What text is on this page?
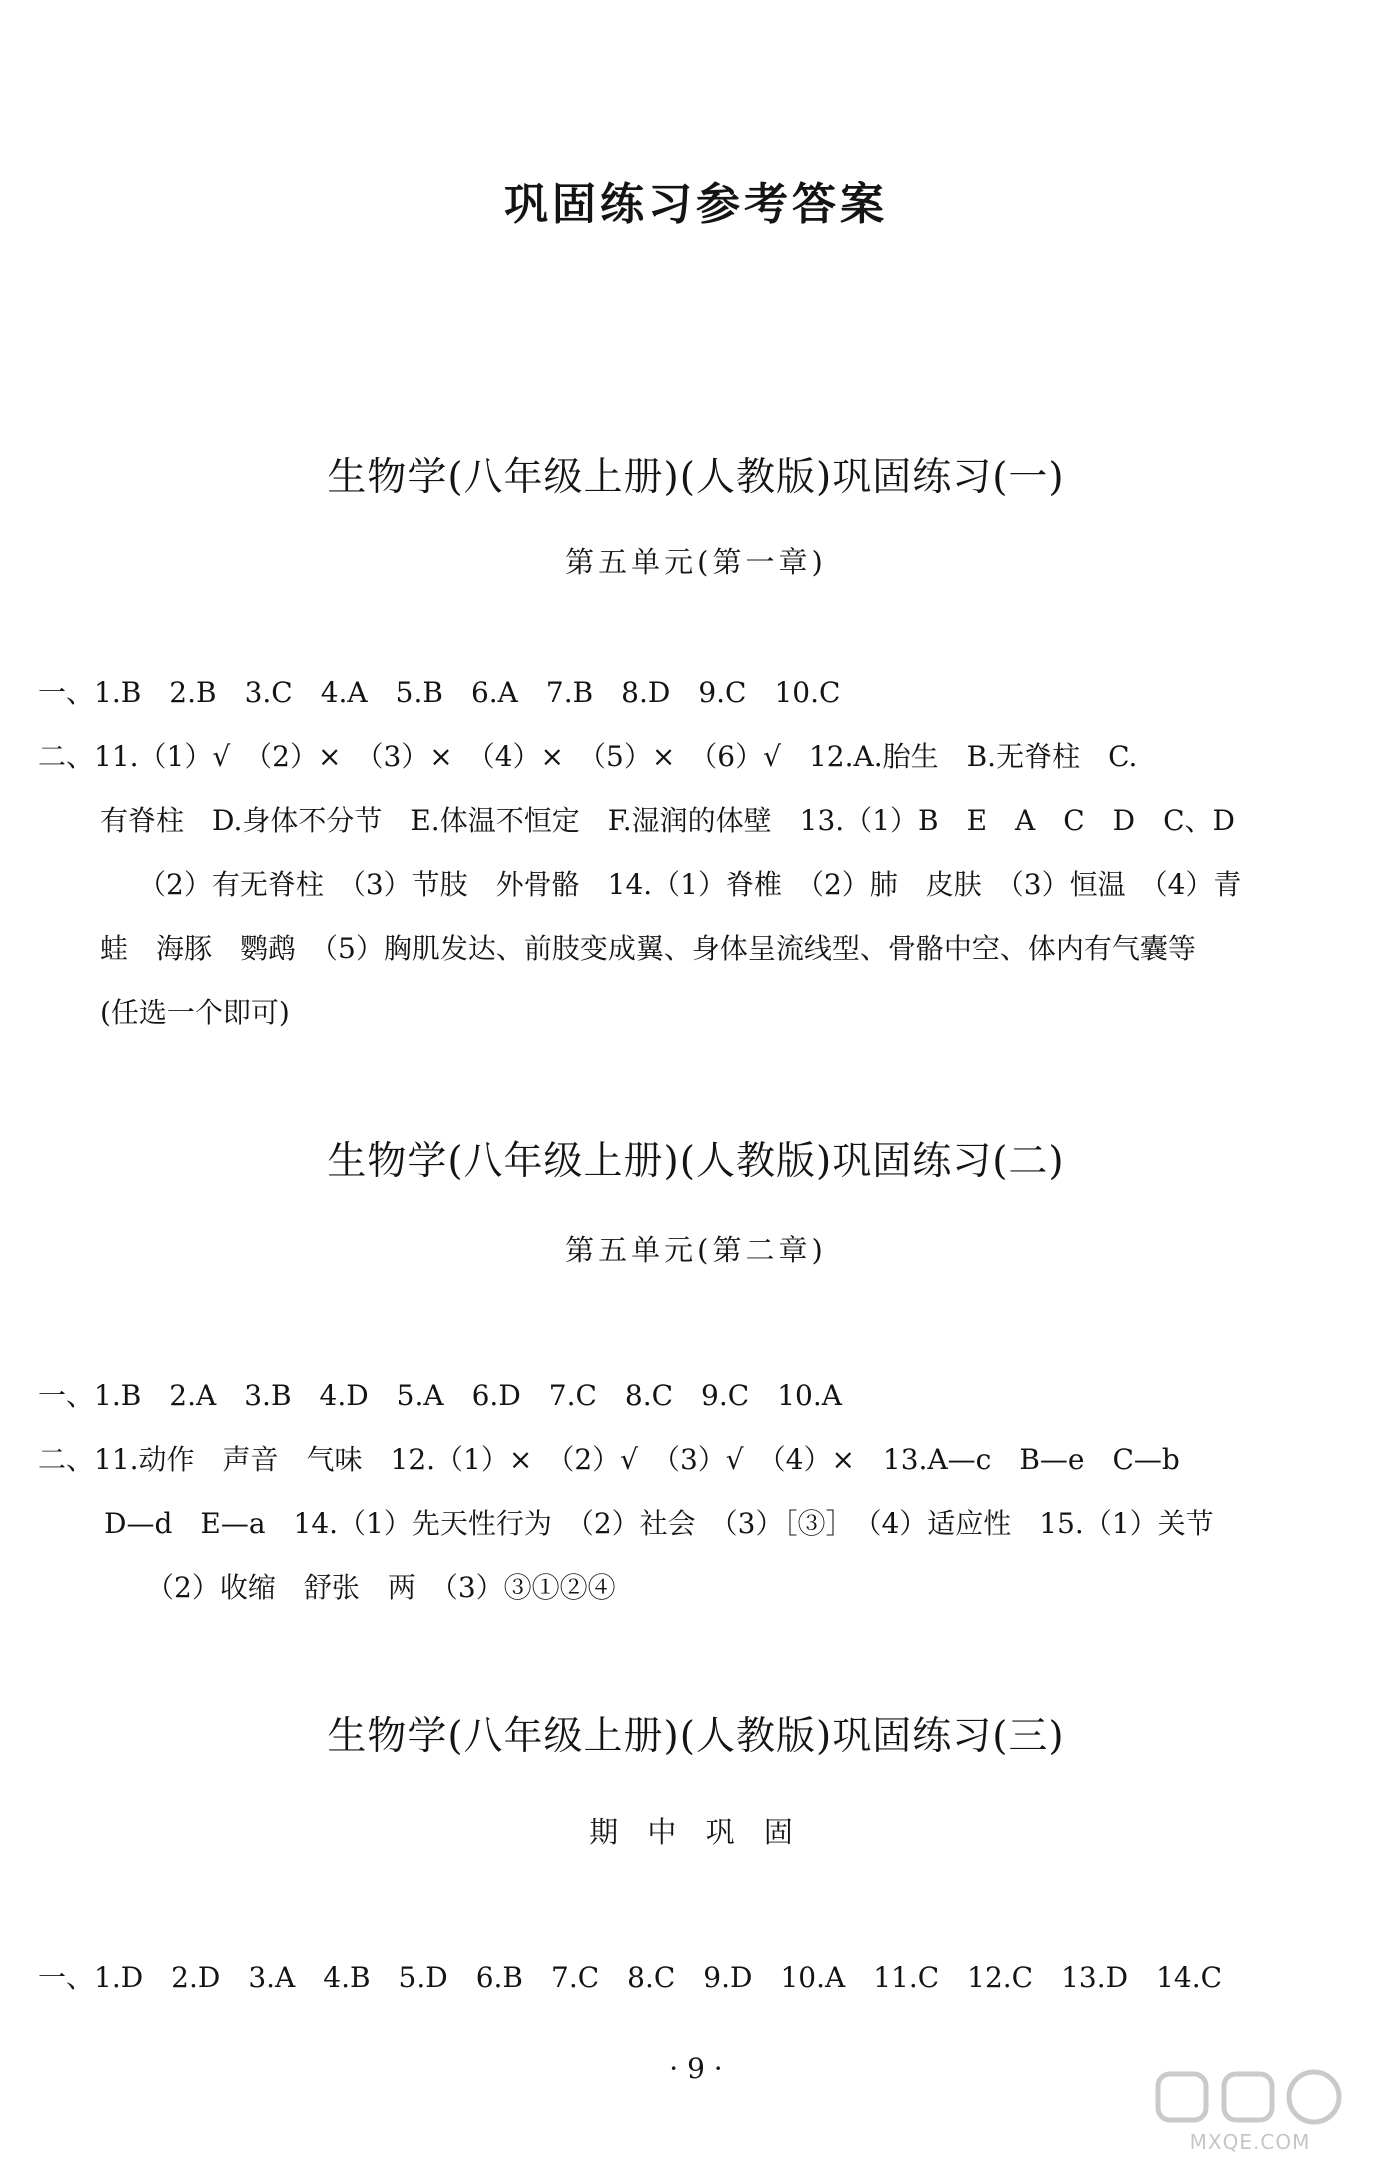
巩固练习参考答案
生物学(八年级上册)(人教版)巩固练习(一)
第五单元(第一章)
一、1.B　2.B　3.C　4.A　5.B　6.A　7.B　8.D　9.C　10.C
二、11.（1）√　（2）×　（3）×　（4）×　（5）×　（6）√　12.A.胎生　B.无脊柱　C.
有脊柱　D.身体不分节　E.体温不恒定　F.湿润的体壁　13.（1）B　E　A　C　D　C、D
（2）有无脊柱　（3）节肢　外骨骼　14.（1）脊椎　（2）肺　皮肤　（3）恒温　（4）青
蛙　海豚　鹦鹉　（5）胸肌发达、前肢变成翼、身体呈流线型、骨骼中空、体内有气囊等
(任选一个即可)
生物学(八年级上册)(人教版)巩固练习(二)
第五单元(第二章)
一、1.B　2.A　3.B　4.D　5.A　6.D　7.C　8.C　9.C　10.A
二、11.动作　声音　气味　12.（1）×　（2）√　（3）√　（4）×　13.A—c　B—e　C—b
D—d　E—a　14.（1）先天性行为　（2）社会　（3）［③］　（4）适应性　15.（1）关节
（2）收缩　舒张　两　（3）③①②④
生物学(八年级上册)(人教版)巩固练习(三)
期 中 巩 固
一、1.D　2.D　3.A　4.B　5.D　6.B　7.C　8.C　9.D　10.A　11.C　12.C　13.D　14.C
· 9 ·
MXQE.COM
